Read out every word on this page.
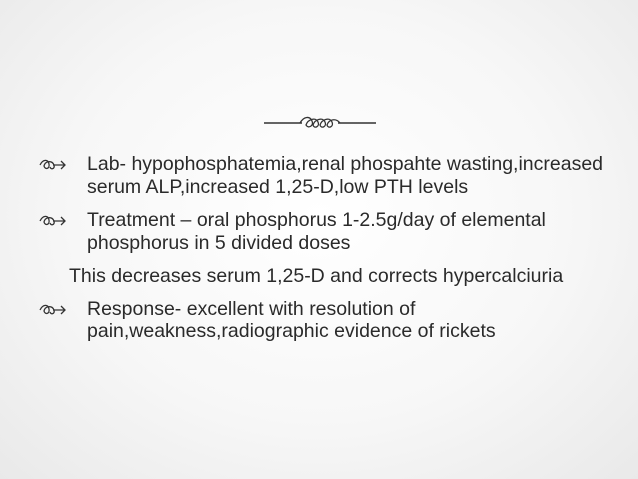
Lab- hypophosphatemia,renal phospahte wasting,increased serum ALP,increased 1,25-D,low PTH levels
Treatment – oral phosphorus 1-2.5g/day of elemental phosphorus in 5 divided doses
This decreases serum 1,25-D and corrects hypercalciuria
Response- excellent with resolution of pain,weakness,radiographic evidence of rickets
